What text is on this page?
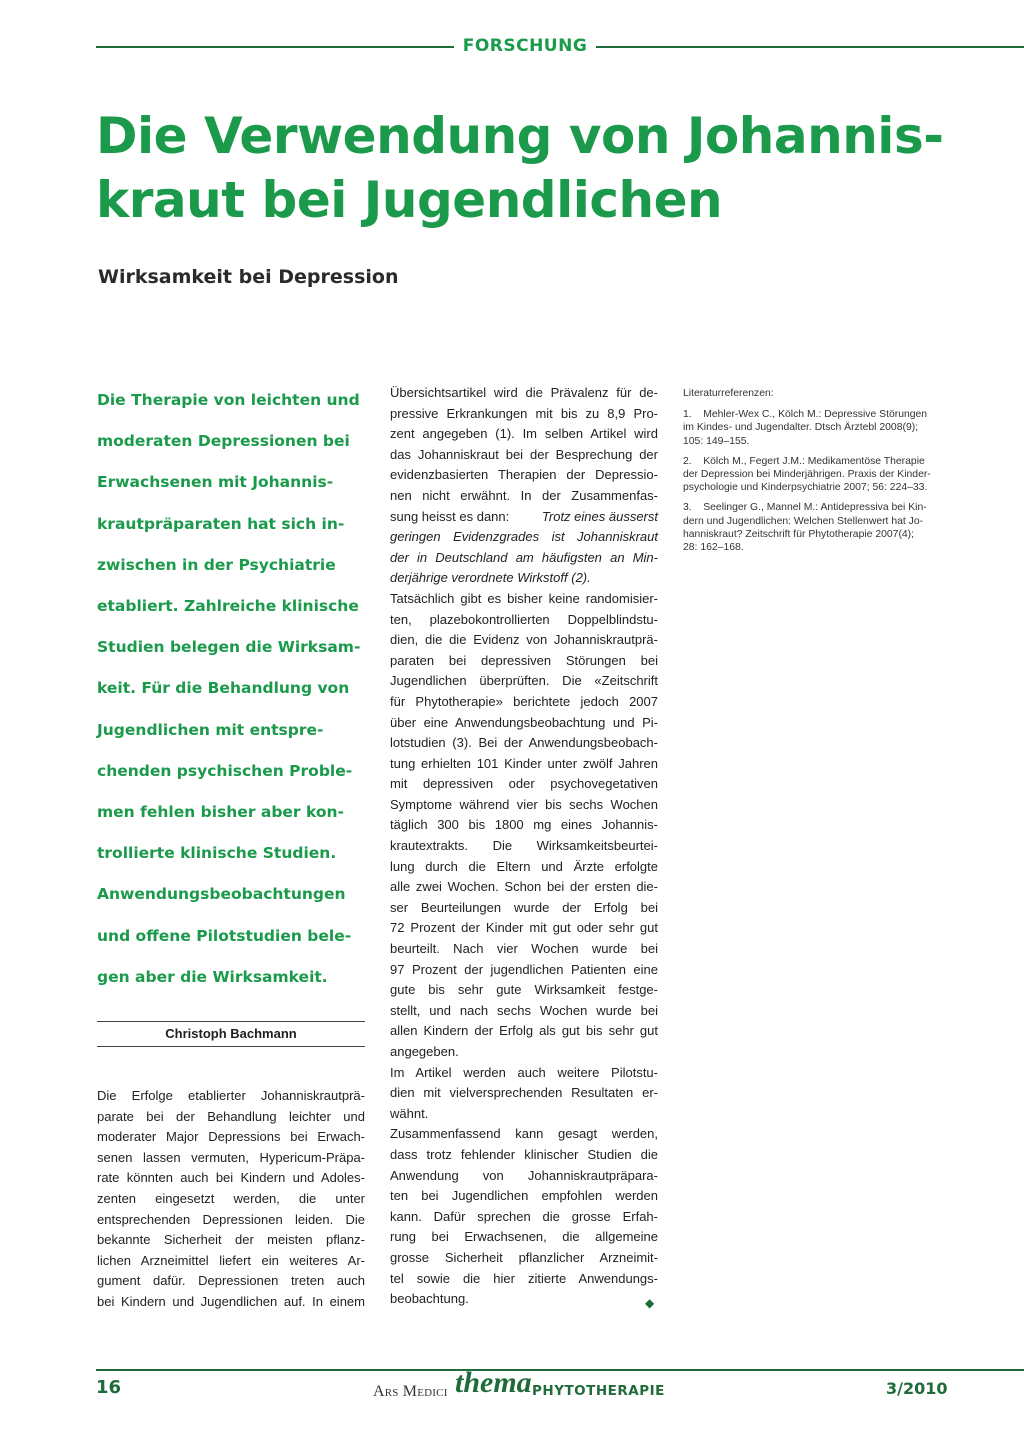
FORSCHUNG
Die Verwendung von Johannis-
kraut bei Jugendlichen
Wirksamkeit bei Depression
Die Therapie von leichten und
moderaten Depressionen bei
Erwachsenen mit Johannis-
krautpräparaten hat sich in-
zwischen in der Psychiatrie
etabliert. Zahlreiche klinische
Studien belegen die Wirksam-
keit. Für die Behandlung von
Jugendlichen mit entspre-
chenden psychischen Proble-
men fehlen bisher aber kon-
trollierte klinische Studien.
Anwendungsbeobachtungen
und offene Pilotstudien bele-
gen aber die Wirksamkeit.
Christoph Bachmann
Die Erfolge etablierter Johanniskrautprä-
parate bei der Behandlung leichter und
moderater Major Depressions bei Erwach-
senen lassen vermuten, Hypericum-Präpa-
rate könnten auch bei Kindern und Adoles-
zenten eingesetzt werden, die unter
entsprechenden Depressionen leiden. Die
bekannte Sicherheit der meisten pflanz-
lichen Arzneimittel liefert ein weiteres Ar-
gument dafür. Depressionen treten auch
bei Kindern und Jugendlichen auf. In einem
Übersichtsartikel wird die Prävalenz für de-
pressive Erkrankungen mit bis zu 8,9 Pro-
zent angegeben (1). Im selben Artikel wird
das Johanniskraut bei der Besprechung der
evidenzbasierten Therapien der Depressio-
nen nicht erwähnt. In der Zusammenfas-
sung heisst es dann: Trotz eines äusserst
geringen Evidenzgrades ist Johanniskraut
der in Deutschland am häufigsten an Min-
derjährige verordnete Wirkstoff (2).
Tatsächlich gibt es bisher keine randomisier-
ten, plazebokontrollierten Doppelblindstu-
dien, die die Evidenz von Johanniskrautprä-
paraten bei depressiven Störungen bei
Jugendlichen überprüften. Die «Zeitschrift
für Phytotherapie» berichtete jedoch 2007
über eine Anwendungsbeobachtung und Pi-
lotstudien (3). Bei der Anwendungsbeobach-
tung erhielten 101 Kinder unter zwölf Jahren
mit depressiven oder psychovegetativen
Symptome während vier bis sechs Wochen
täglich 300 bis 1800 mg eines Johannis-
krautextrakts. Die Wirksamkeitsbeurtei-
lung durch die Eltern und Ärzte erfolgte
alle zwei Wochen. Schon bei der ersten die-
ser Beurteilungen wurde der Erfolg bei
72 Prozent der Kinder mit gut oder sehr gut
beurteilt. Nach vier Wochen wurde bei
97 Prozent der jugendlichen Patienten eine
gute bis sehr gute Wirksamkeit festge-
stellt, und nach sechs Wochen wurde bei
allen Kindern der Erfolg als gut bis sehr gut
angegeben.
Im Artikel werden auch weitere Pilotstu-
dien mit vielversprechenden Resultaten er-
wähnt.
Zusammenfassend kann gesagt werden,
dass trotz fehlender klinischer Studien die
Anwendung von Johanniskrautpräpara-
ten bei Jugendlichen empfohlen werden
kann. Dafür sprechen die grosse Erfah-
rung bei Erwachsenen, die allgemeine
grosse Sicherheit pflanzlicher Arzneimit-
tel sowie die hier zitierte Anwendungs-
beobachtung.	◆
Literaturreferenzen:
1.    Mehler-Wex C., Kölch M.: Depressive Störungen
im Kindes- und Jugendalter. Dtsch Ärztebl 2008(9);
105: 149–155.
2.    Kölch M., Fegert J.M.: Medikamentöse Therapie
der Depression bei Minderjährigen. Praxis der Kinder-
psychologie und Kinderpsychiatrie 2007; 56: 224–33.
3.    Seelinger G., Mannel M.: Antidepressiva bei Kin-
dern und Jugendlichen: Welchen Stellenwert hat Jo-
hanniskraut? Zeitschrift für Phytotherapie 2007(4);
28: 162–168.
16	Ars Medici thema PHYTOTHERAPIE	3/2010
